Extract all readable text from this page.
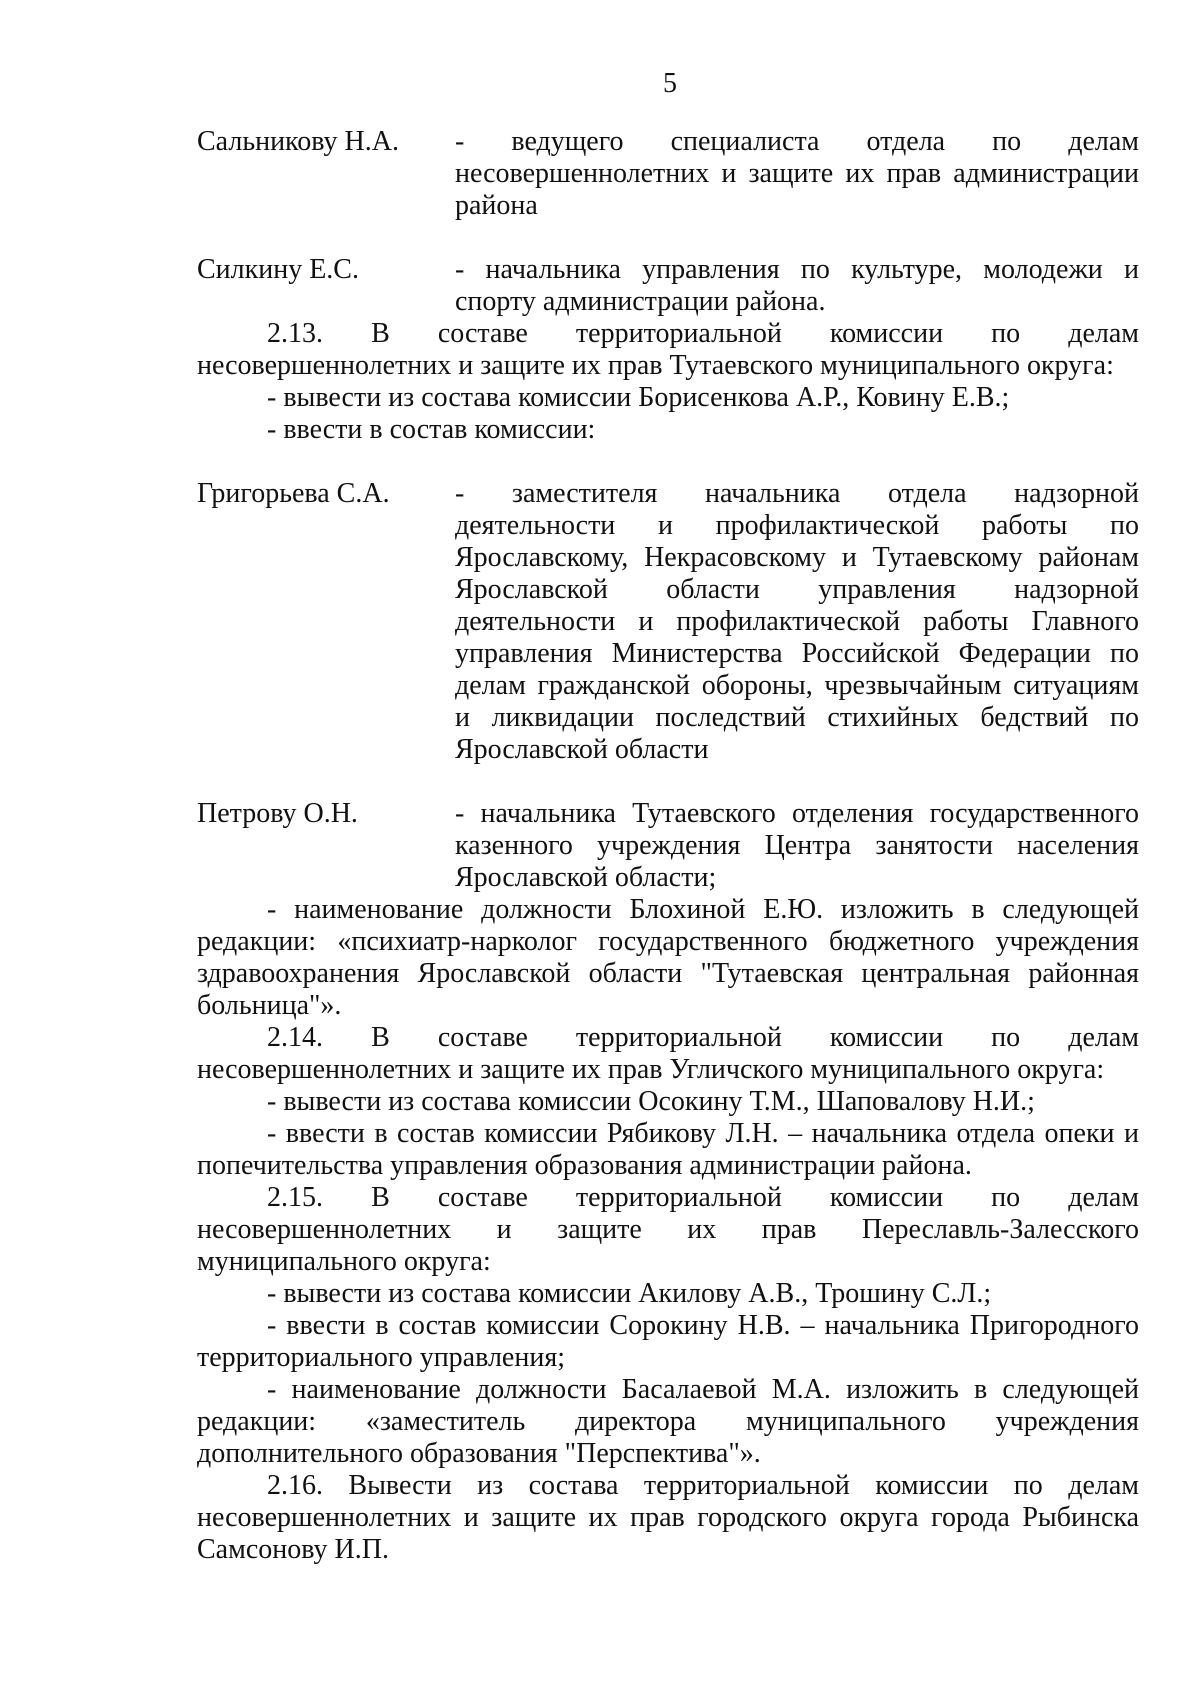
5
Сальникову Н.А.	- ведущего специалиста отдела по делам несовершеннолетних и защите их прав администрации района
Силкину Е.С.	- начальника управления по культуре, молодежи и спорту администрации района.
2.13. В составе территориальной комиссии по делам несовершеннолетних и защите их прав Тутаевского муниципального округа:
- вывести из состава комиссии Борисенкова А.Р., Ковину Е.В.;
- ввести в состав комиссии:
Григорьева С.А.	- заместителя начальника отдела надзорной деятельности и профилактической работы по Ярославскому, Некрасовскому и Тутаевскому районам Ярославской области управления надзорной деятельности и профилактической работы Главного управления Министерства Российской Федерации по делам гражданской обороны, чрезвычайным ситуациям и ликвидации последствий стихийных бедствий по Ярославской области
Петрову О.Н.	- начальника Тутаевского отделения государственного казенного учреждения Центра занятости населения Ярославской области;
- наименование должности Блохиной Е.Ю. изложить в следующей редакции: «психиатр-нарколог государственного бюджетного учреждения здравоохранения Ярославской области "Тутаевская центральная районная больница"».
2.14. В составе территориальной комиссии по делам несовершеннолетних и защите их прав Угличского муниципального округа:
- вывести из состава комиссии Осокину Т.М., Шаповалову Н.И.;
- ввести в состав комиссии Рябикову Л.Н. – начальника отдела опеки и попечительства управления образования администрации района.
2.15. В составе территориальной комиссии по делам несовершеннолетних и защите их прав Переславль-Залесского муниципального округа:
- вывести из состава комиссии Акилову А.В., Трошину С.Л.;
- ввести в состав комиссии Сорокину Н.В. – начальника Пригородного территориального управления;
- наименование должности Басалаевой М.А. изложить в следующей редакции: «заместитель директора муниципального учреждения дополнительного образования "Перспектива"».
2.16. Вывести из состава территориальной комиссии по делам несовершеннолетних и защите их прав городского округа города Рыбинска Самсонову И.П.
